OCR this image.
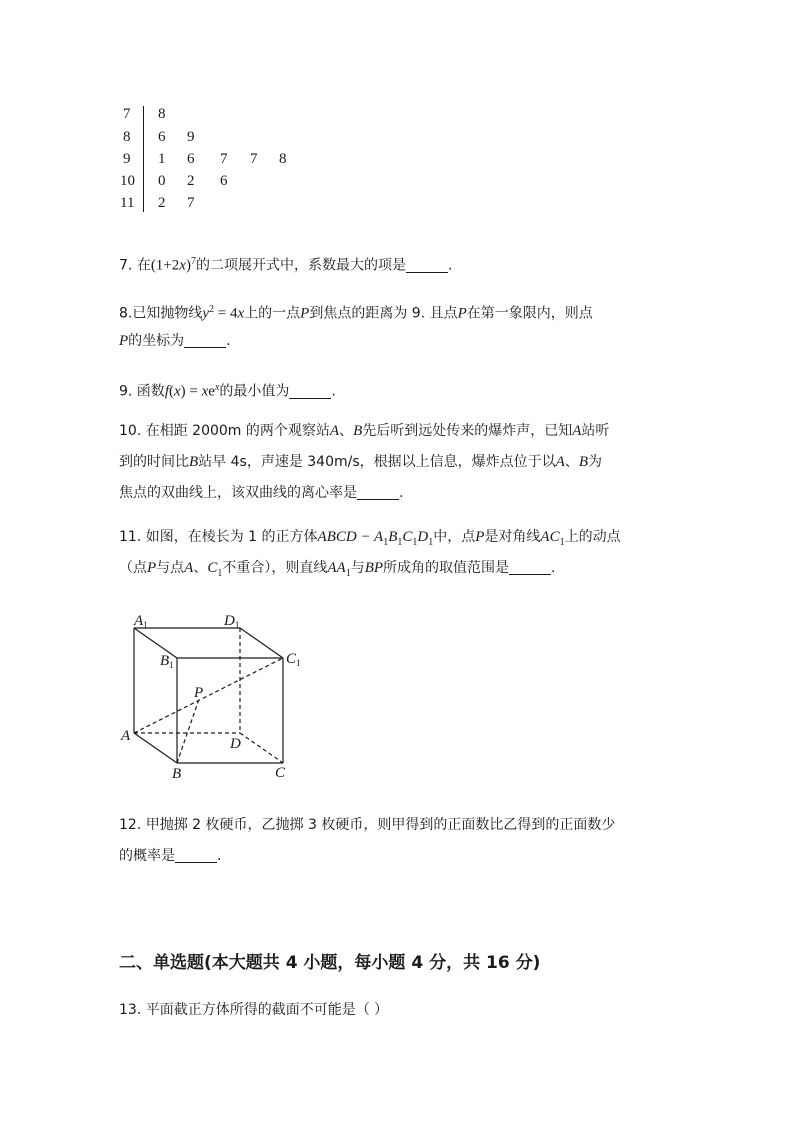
7 8
8 6 9
9 1 6 7 7 8
10 0 2 6
11 2 7
7. 在$(1+2x)^7$的二项展开式中，系数最大的项是	.
8.已知抛物线$y^2 = 4x$上的一点P到焦点的距离为 9. 且点P在第一象限内，则点
P的坐标为	.
9. 函数$f(x) = xe^x$的最小值为	.
10. 在相距 2000m 的两个观察站A、B先后听到远处传来的爆炸声，已知A站听
到的时间比B站早 4s，声速是 340m/s，根据以上信息，爆炸点位于以A、B为
焦点的双曲线上，该双曲线的离心率是	.
11. 如图，在棱长为 1 的正方体ABCD − $A_1B_1C_1D_1$中，点P是对角线$AC_1$上的动点
（点P与点A、$C_1$不重合），则直线$AA_1$与BP所成角的取值范围是	.
$A_1$	$D_1$
$B_1$	$C_1$
P
A	D
B	C
12. 甲抛掷 2 枚硬币，乙抛掷 3 枚硬币，则甲得到的正面数比乙得到的正面数少
的概率是	.
二、单选题(本大题共 4 小题，每小题 4 分，共 16 分)
13. 平面截正方体所得的截面不可能是（ ）
